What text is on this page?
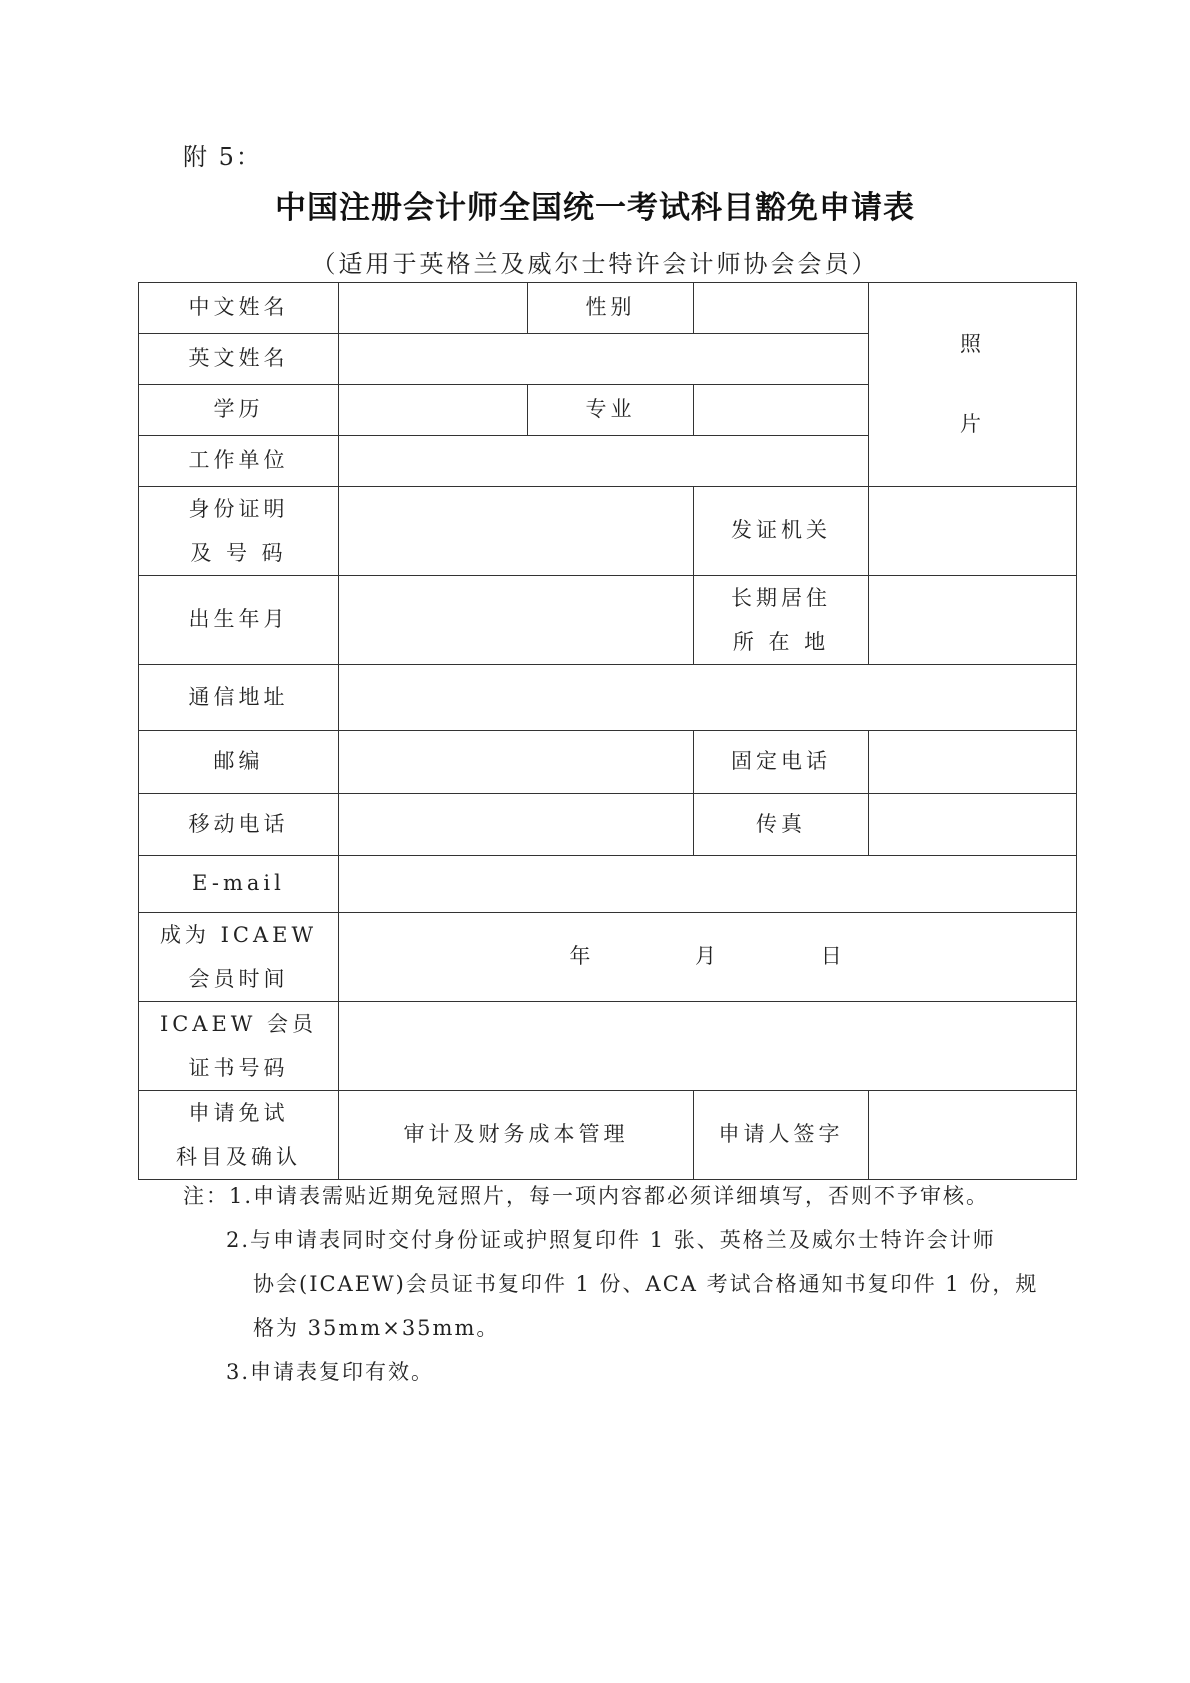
附 5：
中国注册会计师全国统一考试科目豁免申请表
（适用于英格兰及威尔士特许会计师协会会员）
中文姓名		性别		照
片

英文姓名				
学历		专业		
工作单位				

身份证明
及 号 码			发证机关	
出生年月			长期居住
所 在 地	

通信地址				
邮编			固定电话	
移动电话			传真	
E-mail				

成为 ICAEW
会员时间	年 月 日			

ICAEW 会员
证书号码				

申请免试
科目及确认	审计及财务成本管理		申请人签字	
注：1.申请表需贴近期免冠照片，每一项内容都必须详细填写，否则不予审核。
2.与申请表同时交付身份证或护照复印件 1 张、英格兰及威尔士特许会计师
协会(ICAEW)会员证书复印件 1 份、ACA 考试合格通知书复印件 1 份，规
格为 35mm×35mm。
3.申请表复印有效。
